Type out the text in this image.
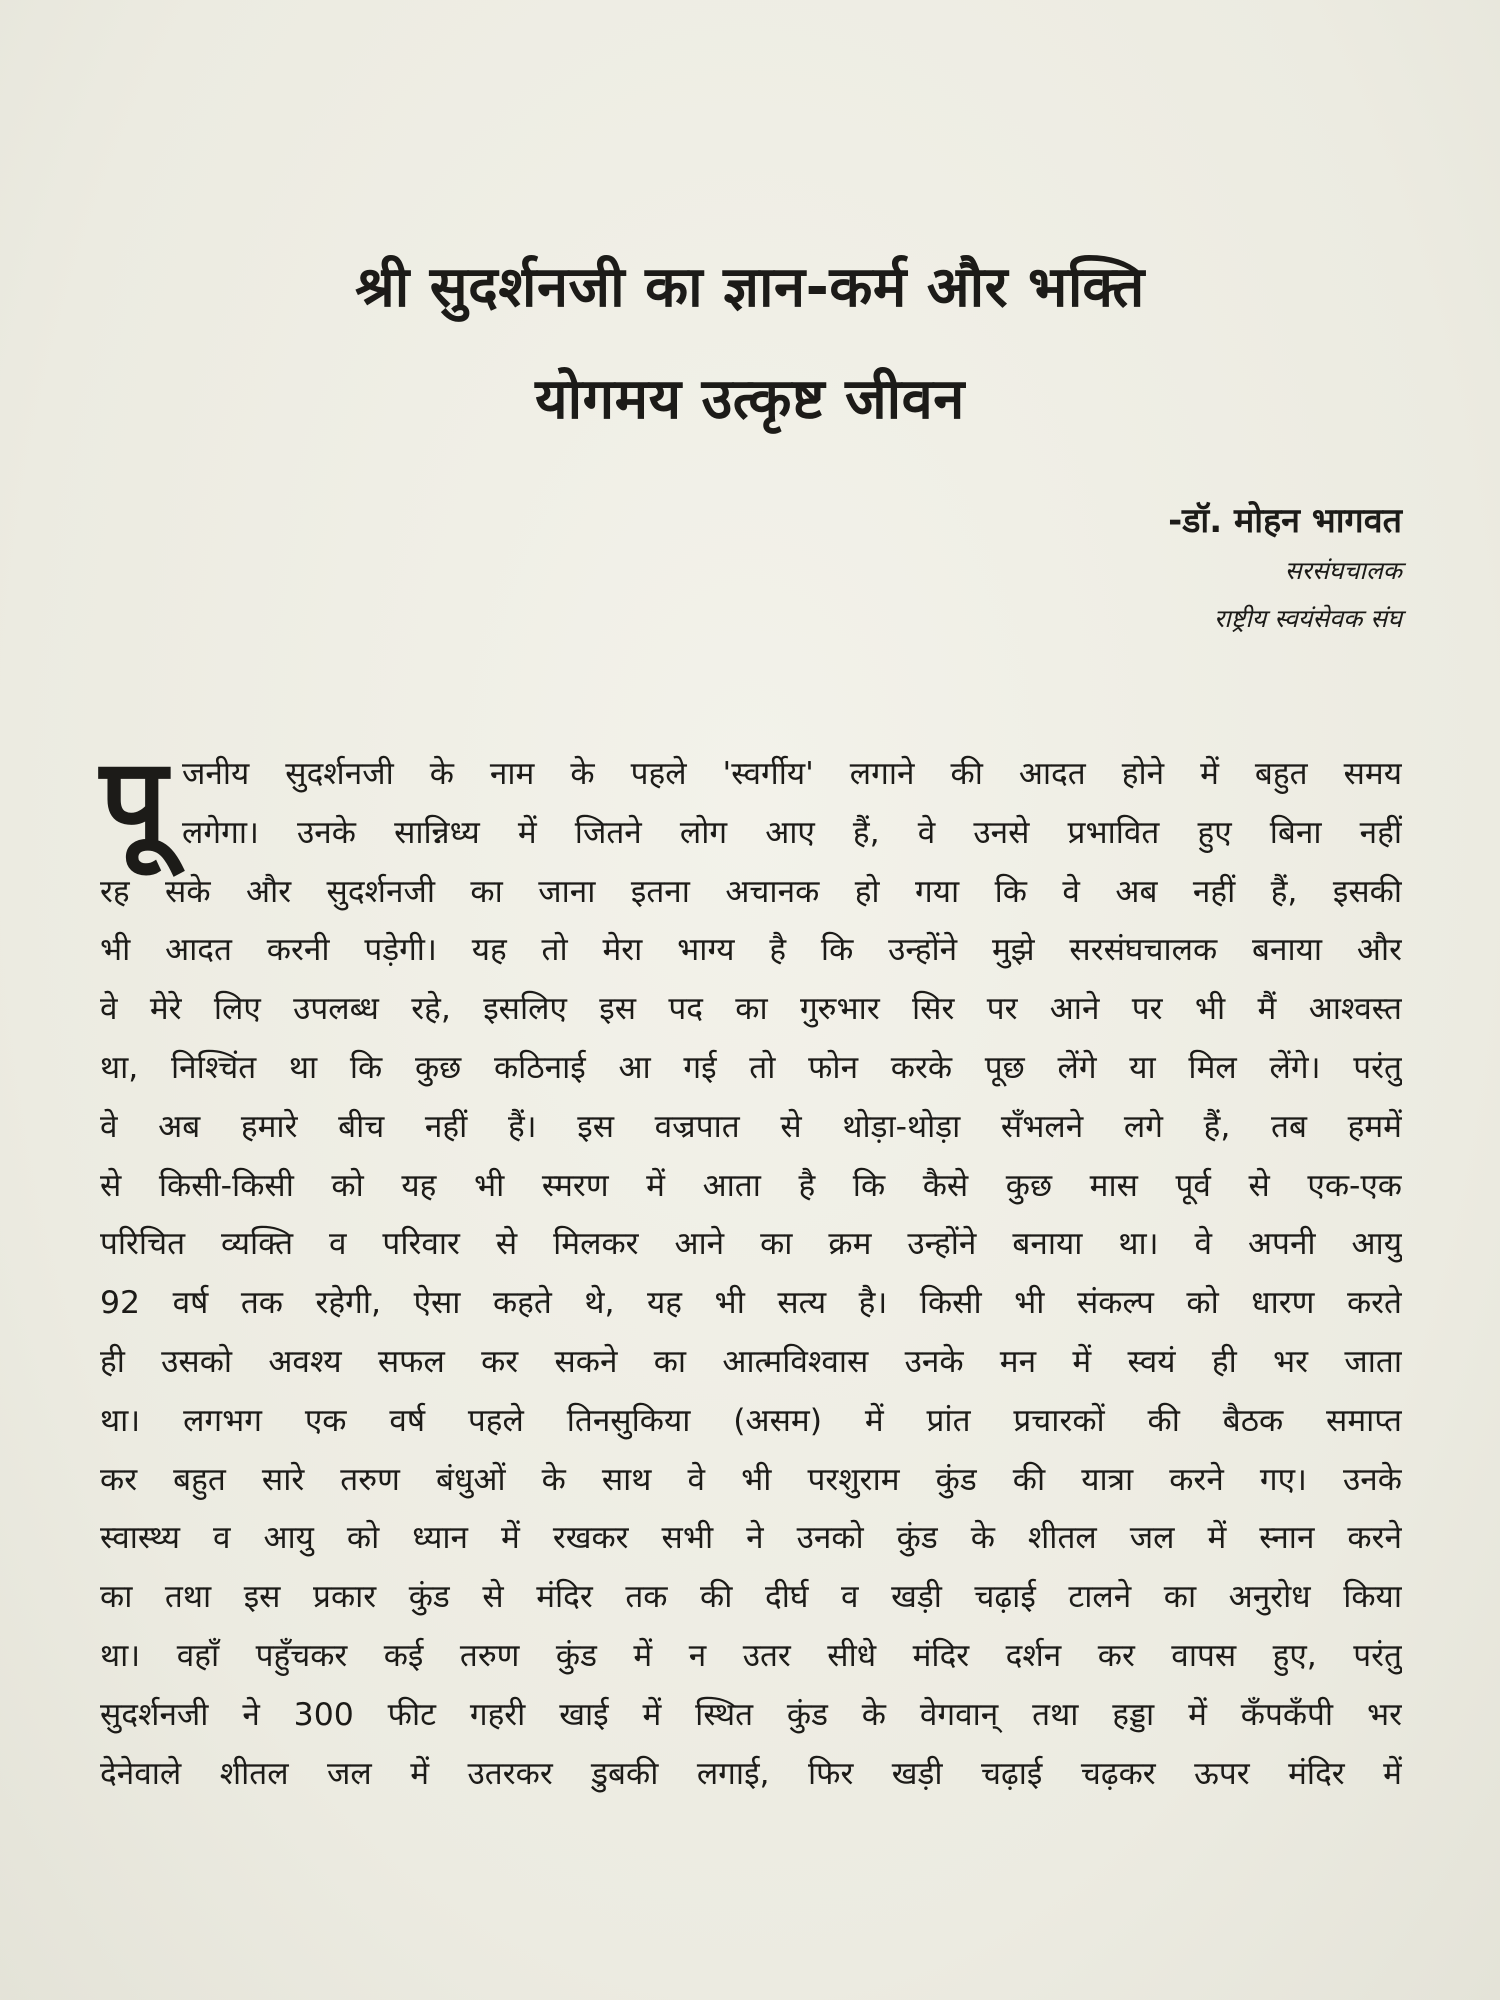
श्री सुदर्शनजी का ज्ञान-कर्म और भक्ति
योगमय उत्कृष्ट जीवन
-डॉ. मोहन भागवत
सरसंघचालक
राष्ट्रीय स्वयंसेवक संघ
पू जनीय सुदर्शनजी के नाम के पहले 'स्वर्गीय' लगाने की आदत होने में बहुत समय
लगेगा। उनके सान्निध्य में जितने लोग आए हैं, वे उनसे प्रभावित हुए बिना नहीं
रह सके और सुदर्शनजी का जाना इतना अचानक हो गया कि वे अब नहीं हैं, इसकी
भी आदत करनी पड़ेगी। यह तो मेरा भाग्य है कि उन्होंने मुझे सरसंघचालक बनाया और
वे मेरे लिए उपलब्ध रहे, इसलिए इस पद का गुरुभार सिर पर आने पर भी मैं आश्वस्त
था, निश्चिंत था कि कुछ कठिनाई आ गई तो फोन करके पूछ लेंगे या मिल लेंगे। परंतु
वे अब हमारे बीच नहीं हैं। इस वज्रपात से थोड़ा-थोड़ा सँभलने लगे हैं, तब हममें
से किसी-किसी को यह भी स्मरण में आता है कि कैसे कुछ मास पूर्व से एक-एक
परिचित व्यक्ति व परिवार से मिलकर आने का क्रम उन्होंने बनाया था। वे अपनी आयु
92 वर्ष तक रहेगी, ऐसा कहते थे, यह भी सत्य है। किसी भी संकल्प को धारण करते
ही उसको अवश्य सफल कर सकने का आत्मविश्वास उनके मन में स्वयं ही भर जाता
था। लगभग एक वर्ष पहले तिनसुकिया (असम) में प्रांत प्रचारकों की बैठक समाप्त
कर बहुत सारे तरुण बंधुओं के साथ वे भी परशुराम कुंड की यात्रा करने गए। उनके
स्वास्थ्य व आयु को ध्यान में रखकर सभी ने उनको कुंड के शीतल जल में स्नान करने
का तथा इस प्रकार कुंड से मंदिर तक की दीर्घ व खड़ी चढ़ाई टालने का अनुरोध किया
था। वहाँ पहुँचकर कई तरुण कुंड में न उतर सीधे मंदिर दर्शन कर वापस हुए, परंतु
सुदर्शनजी ने 300 फीट गहरी खाई में स्थित कुंड के वेगवान् तथा हड्डा में कँपकँपी भर
देनेवाले शीतल जल में उतरकर डुबकी लगाई, फिर खड़ी चढ़ाई चढ़कर ऊपर मंदिर में
